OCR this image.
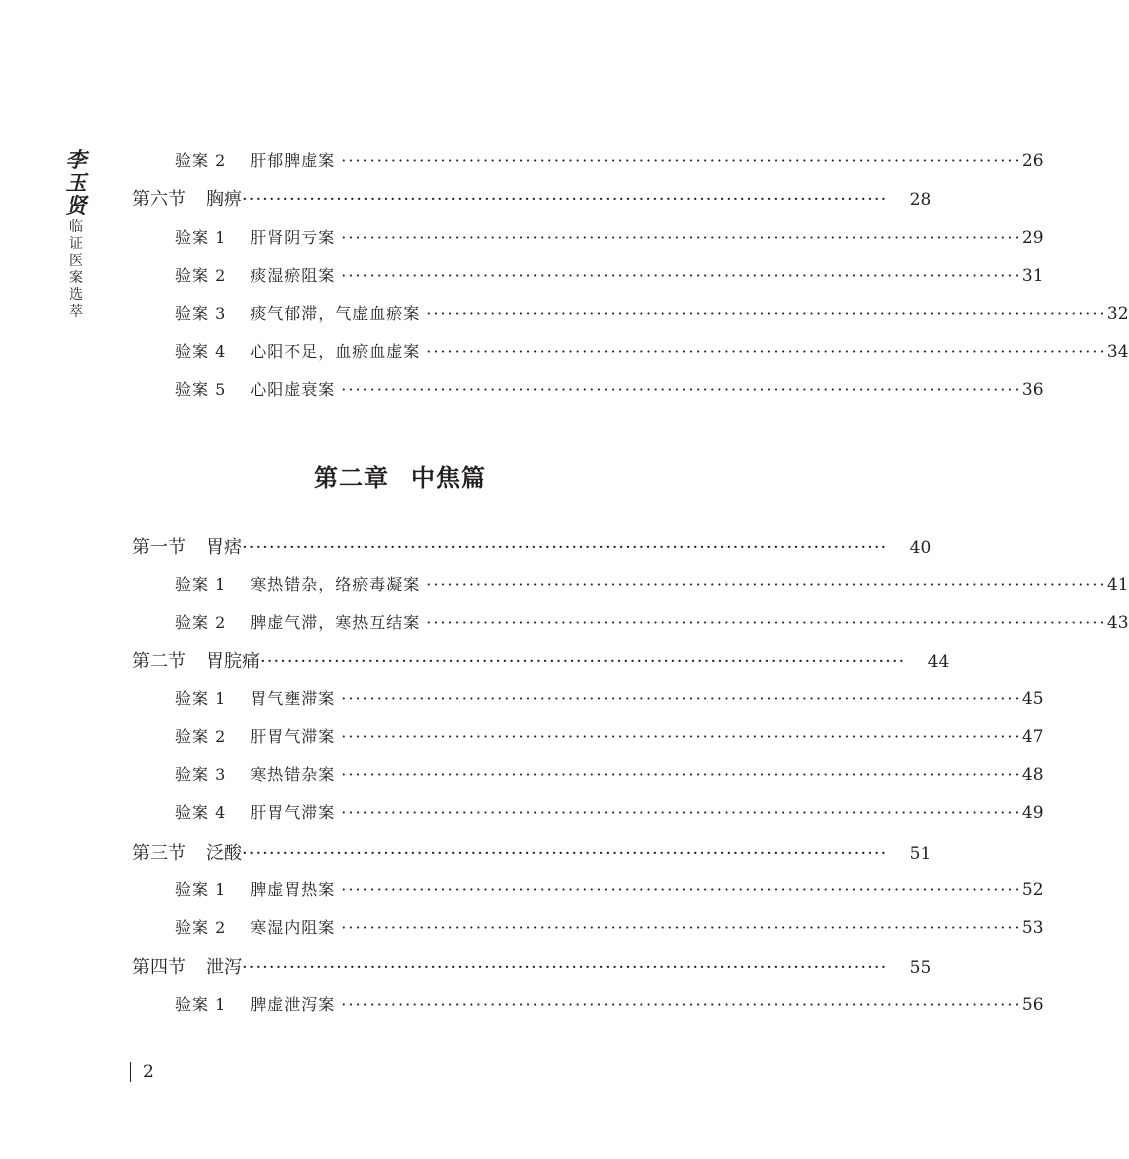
李
玉
贤
临
证
医
案
选
萃
验案 2 肝郁脾虚案 ································································································ 26
第六节 胸痹 ································································································ 28
验案 1 肝肾阴亏案 ································································································ 29
验案 2 痰湿瘀阻案 ································································································ 31
验案 3 痰气郁滞，气虚血瘀案 ································································································ 32
验案 4 心阳不足，血瘀血虚案 ································································································ 34
验案 5 心阳虚衰案 ································································································ 36
第二章 中焦篇
第一节 胃痞 ································································································ 40
验案 1 寒热错杂，络瘀毒凝案 ································································································ 41
验案 2 脾虚气滞，寒热互结案 ································································································ 43
第二节 胃脘痛 ································································································ 44
验案 1 胃气壅滞案 ································································································ 45
验案 2 肝胃气滞案 ································································································ 47
验案 3 寒热错杂案 ································································································ 48
验案 4 肝胃气滞案 ································································································ 49
第三节 泛酸 ································································································ 51
验案 1 脾虚胃热案 ································································································ 52
验案 2 寒湿内阻案 ································································································ 53
第四节 泄泻 ································································································ 55
验案 1 脾虚泄泻案 ································································································ 56
2
